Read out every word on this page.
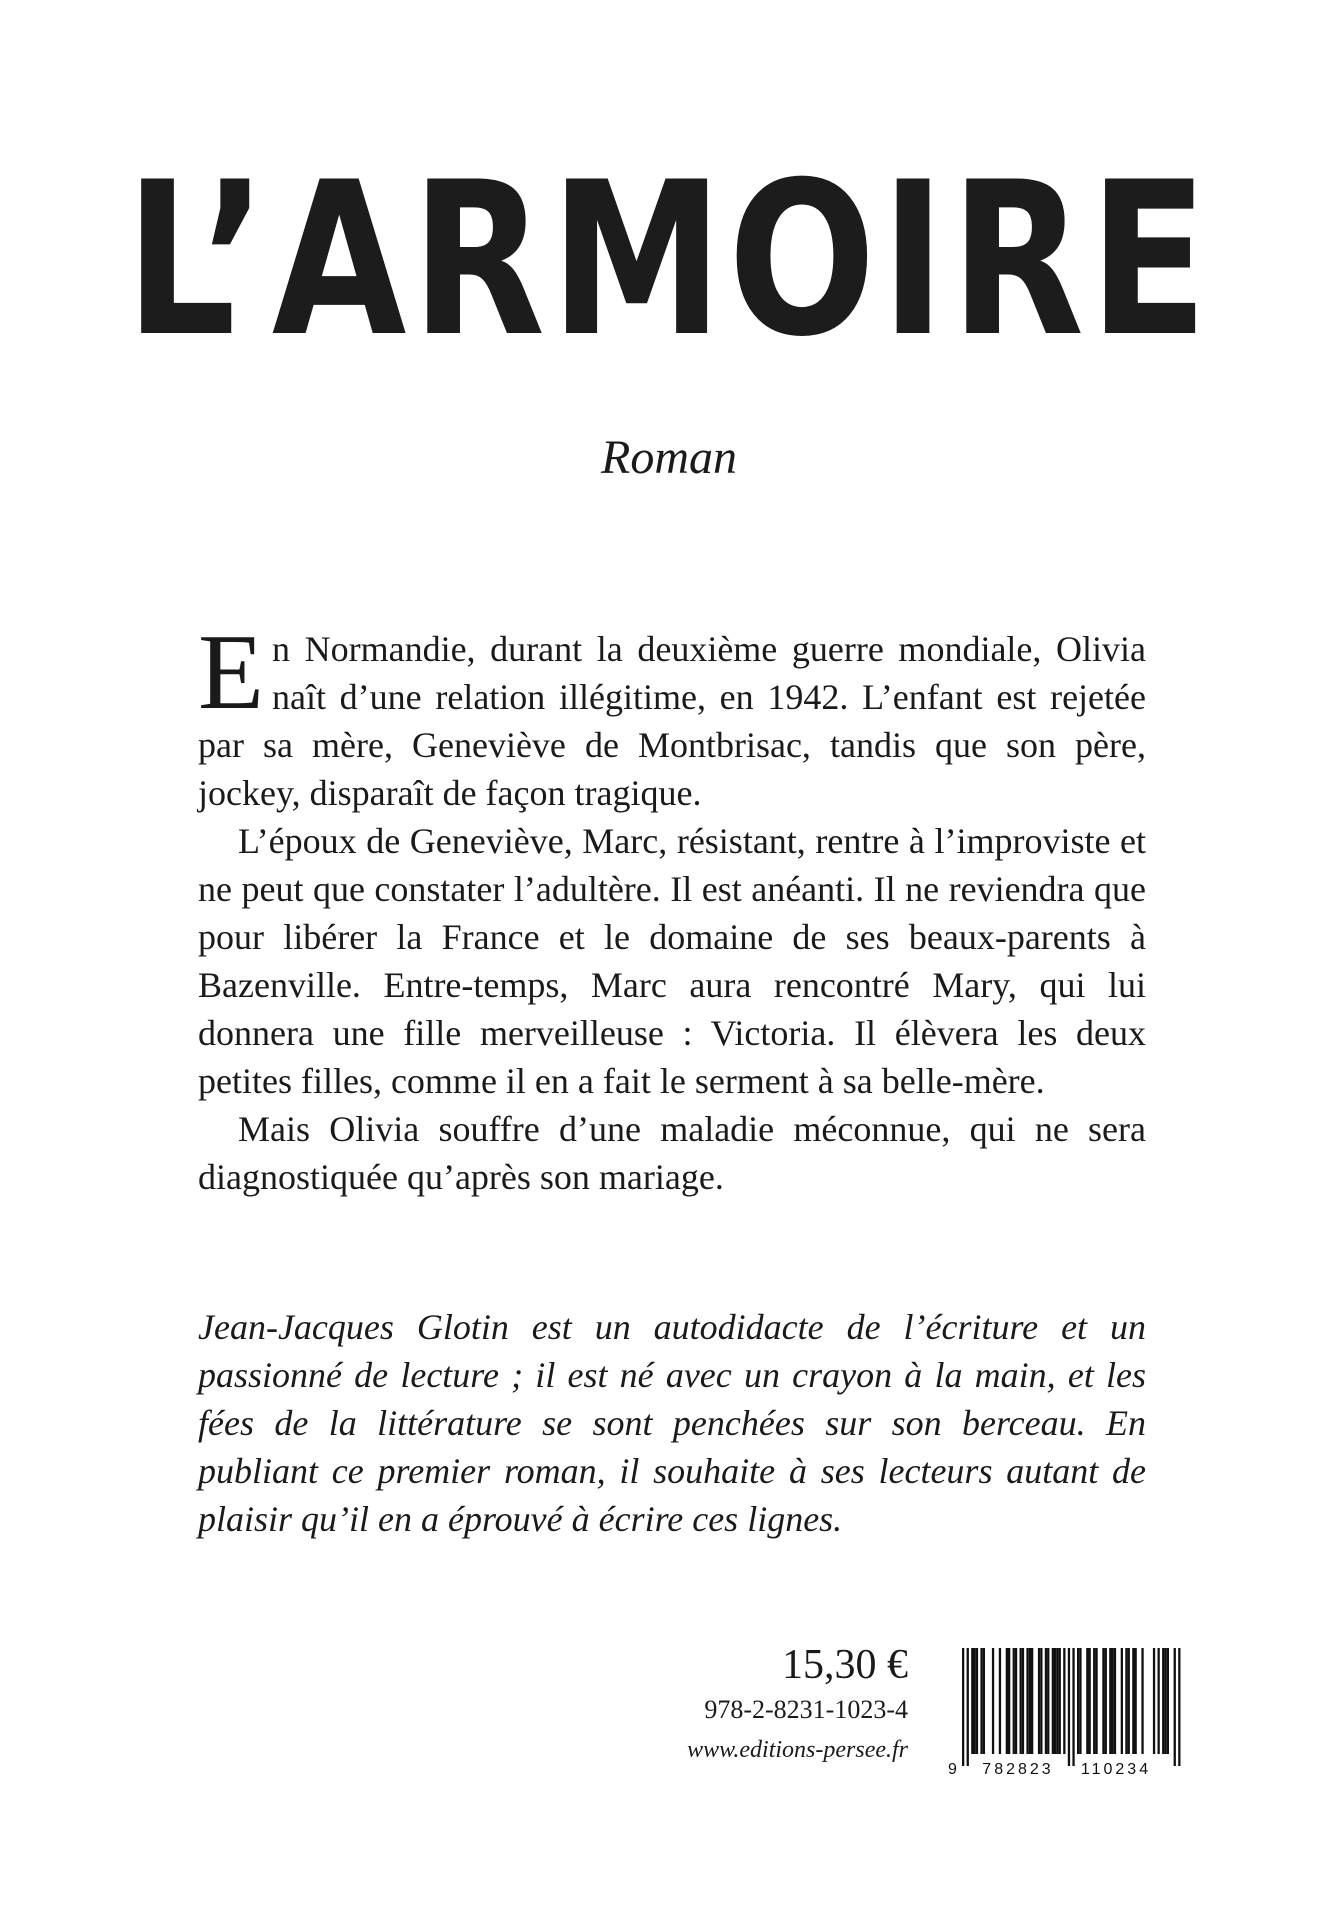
L’ARMOIRE
Roman

En Normandie, durant la deuxième guerre mondiale, Olivia naît d’une relation illégitime, en 1942. L’enfant est rejetée par sa mère, Geneviève de Montbrisac, tandis que son père, jockey, disparaît de façon tragique.

L’époux de Geneviève, Marc, résistant, rentre à l’improviste et ne peut que constater l’adultère. Il est anéanti. Il ne reviendra que pour libérer la France et le domaine de ses beaux-parents à Bazenville. Entre-temps, Marc aura rencontré Mary, qui lui donnera une fille merveilleuse : Victoria. Il élèvera les deux petites filles, comme il en a fait le serment à sa belle-mère.

Mais Olivia souffre d’une maladie méconnue, qui ne sera diagnostiquée qu’après son mariage.

Jean-Jacques Glotin est un autodidacte de l’écriture et un passionné de lecture ; il est né avec un crayon à la main, et les fées de la littérature se sont penchées sur son berceau. En publiant ce premier roman, il souhaite à ses lecteurs autant de plaisir qu’il en a éprouvé à écrire ces lignes.

15,30 €
978-2-8231-1023-4
www.editions-persee.fr
9 782823 110234
